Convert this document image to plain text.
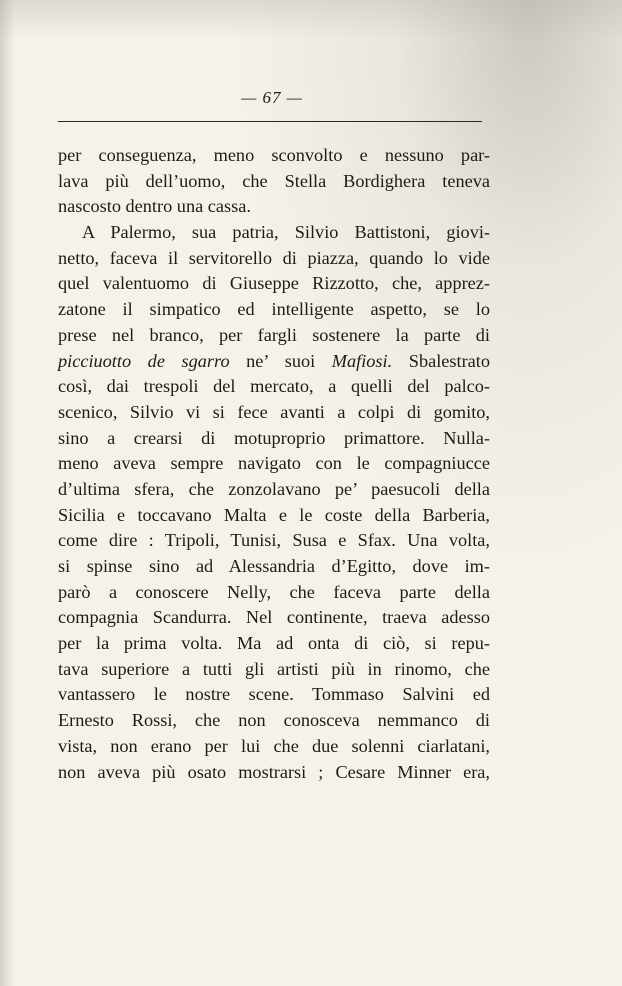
— 67 —
per conseguenza, meno sconvolto e nessuno par-
lava più dell’uomo, che Stella Bordighera teneva
nascosto dentro una cassa.
A Palermo, sua patria, Silvio Battistoni, giovi-
netto, faceva il servitorello di piazza, quando lo vide
quel valentuomo di Giuseppe Rizzotto, che, apprez-
zatone il simpatico ed intelligente aspetto, se lo
prese nel branco, per fargli sostenere la parte di
picciuotto de sgarro ne’ suoi Mafiosi. Sbalestrato
così, dai trespoli del mercato, a quelli del palco-
scenico, Silvio vi si fece avanti a colpi di gomito,
sino a crearsi di motuproprio primattore. Nulla-
meno aveva sempre navigato con le compagniucce
d’ultima sfera, che zonzolavano pe’ paesucoli della
Sicilia e toccavano Malta e le coste della Barberia,
come dire : Tripoli, Tunisi, Susa e Sfax. Una volta,
si spinse sino ad Alessandria d’Egitto, dove im-
parò a conoscere Nelly, che faceva parte della
compagnia Scandurra. Nel continente, traeva adesso
per la prima volta. Ma ad onta di ciò, si repu-
tava superiore a tutti gli artisti più in rinomo, che
vantassero le nostre scene. Tommaso Salvini ed
Ernesto Rossi, che non conosceva nemmanco di
vista, non erano per lui che due solenni ciarlatani,
non aveva più osato mostrarsi ; Cesare Minner era,
